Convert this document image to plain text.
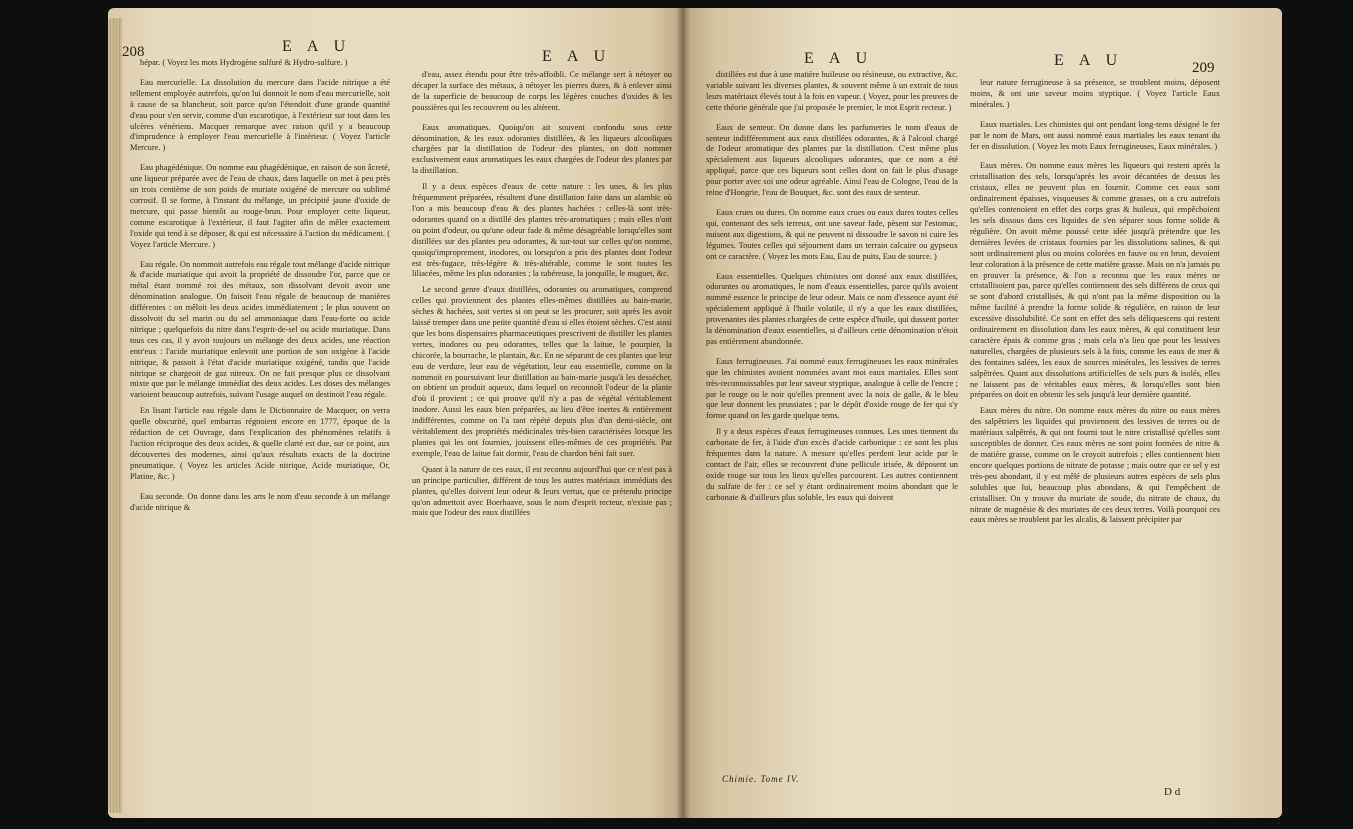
208	E A U
E A U	E A U	E A U	209

hépar. ( Voyez les mots Hydrogène sulfuré & Hydro-sulfure. )

Eau mercurielle. La dissolution du mercure dans l'acide nitrique a été tellement employée autrefois, qu'on lui donnoit le nom d'eau mercurielle, soit à cause de sa blancheur, soit parce qu'on l'étendoit d'une grande quantité d'eau pour s'en servir, comme d'un escarotique, à l'extérieur sur tout dans les ulcères vénériens. Macquer remarque avec raison qu'il y a beaucoup d'imprudence à employer l'eau mercurielle à l'intérieur. ( Voyez l'article Mercure. )

Eau phagédénique. On nomme eau phagédénique, en raison de son âcreté, une liqueur préparée avec de l'eau de chaux, dans laquelle on met à peu près un trois centième de son poids de muriate oxigéné de mercure ou sublimé corrosif. Il se forme, à l'instant du mélange, un précipité jaune d'oxide de mercure, qui passe bientôt au rouge-brun. Pour employer cette liqueur, comme escarotique à l'extérieur, il faut l'agiter afin de mêler exactement l'oxide qui tend à se déposer, & qui est nécessaire à l'action du médicament. ( Voyez l'article Mercure. )

Eau régale. On nommoit autrefois eau régale tout mélange d'acide nitrique & d'acide muriatique qui avoit la propriété de dissoudre l'or, parce que ce métal étant nommé roi des métaux, son dissolvant devoit avoir une dénomination analogue. On faisoit l'eau régale de beaucoup de manières différentes : on mêloit les deux acides immédiatement ; le plus souvent on dissolvoit du sel marin ou du sel ammoniaque dans l'eau-forte ou acide nitrique ; quelquefois du nitre dans l'esprit-de-sel ou acide muriatique. Dans tous ces cas, il y avoit toujours un mélange des deux acides, une réaction entr'eux : l'acide muriatique enlevoit une portion de son oxigène à l'acide nitrique, & passoit à l'état d'acide muriatique oxigéné, tandis que l'acide nitrique se chargeoit de gaz nitreux. On ne fait presque plus ce dissolvant mixte que par le mélange immédiat des deux acides. Les doses des mélanges varioient beaucoup autrefois, suivant l'usage auquel on destinoit l'eau régale.

En lisant l'article eau régale dans le Dictionnaire de Macquer, on verra quelle obscurité, quel embarras régnoient encore en 1777, époque de la rédaction de cet Ouvrage, dans l'explication des phénomènes relatifs à l'action réciproque des deux acides, & quelle clarté est due, sur ce point, aux découvertes des modernes, ainsi qu'aux résultats exacts de la doctrine pneumatique. ( Voyez les articles Acide nitrique, Acide muriatique, Or, Platine, &c. )

Eau seconde. On donne dans les arts le nom d'eau seconde à un mélange d'acide nitrique &

d'eau, assez étendu pour être très-affoibli. Ce mélange sert à nétoyer ou décaper la surface des métaux, à nétoyer les pierres dures, & à enlever ainsi de la superficie de beaucoup de corps les légères couches d'oxides & les poussières qui les recouvrent ou les altèrent.

Eaux aromatiques. Quoiqu'on ait souvent confondu sous cette dénomination, & les eaux odorantes distillées, & les liqueurs alcooliques chargées par la distillation de l'odeur des plantes, on doit nommer exclusivement eaux aromatiques les eaux chargées de l'odeur des plantes par la distillation.

Il y a deux espèces d'eaux de cette nature : les unes, & les plus fréquemment préparées, résultent d'une distillation faite dans un alambic où l'on a mis beaucoup d'eau & des plantes hachées : celles-là sont très-odorantes quand on a distillé des plantes très-aromatiques ; mais elles n'ont ou point d'odeur, ou qu'une odeur fade & même désagréable lorsqu'elles sont distillées sur des plantes peu odorantes, & sur-tout sur celles qu'on nomme, quoiqu'improprement, inodores, ou lorsqu'on a pris des plantes dont l'odeur est très-fugace, très-légère & très-altérable, comme le sont toutes les liliacées, même les plus odorantes ; la tubéreuse, la jonquille, le muguet, &c.

Le second genre d'eaux distillées, odorantes ou aromatiques, comprend celles qui proviennent des plantes elles-mêmes distillées au bain-marie, sèches & hachées, soit vertes si on peut se les procurer, soit après les avoir laissé tremper dans une petite quantité d'eau si elles étoient sèches. C'est ainsi que les bons dispensaires pharmaceutiques prescrivent de distiller les plantes vertes, inodores ou peu odorantes, telles que la laitue, le pourpier, la chicorée, la bourrache, le plantain, &c. En ne séparant de ces plantes que leur eau de verdure, leur eau de végétation, leur eau essentielle, comme on la nommoit en poursuivant leur distillation au bain-marie jusqu'à les dessécher, on obtient un produit aqueux, dans lequel on reconnoît l'odeur de la plante d'où il provient ; ce qui prouve qu'il n'y a pas de végétal véritablement inodore. Aussi les eaux bien préparées, au lieu d'être inertes & entièrement indifférentes, comme on l'a tant répété depuis plus d'un demi-siècle, ont véritablement des propriétés médicinales très-bien caractérisées lorsque les plantes qui les ont fournies, jouissent elles-mêmes de ces propriétés. Par exemple, l'eau de laitue fait dormir, l'eau de chardon béni fait suer.

Quant à la nature de ces eaux, il est reconnu aujourd'hui que ce n'est pas à un principe particulier, différent de tous les autres matériaux immédiats des plantes, qu'elles doivent leur odeur & leurs vertus, que ce prétendu principe qu'on admettoit avec Boerhaave, sous le nom d'esprit recteur, n'existe pas ; mais que l'odeur des eaux distillées

distillées est due à une matière huileuse ou résineuse, ou extractive, &c. variable suivant les diverses plantes, & souvent même à un extrait de tous leurs matériaux élevés tout à la fois en vapeur. ( Voyez, pour les preuves de cette théorie générale que j'ai proposée le premier, le mot Esprit recteur. )

Eaux de senteur. On donne dans les parfumeries le nom d'eaux de senteur indifféremment aux eaux distillées odorantes, & à l'alcool chargé de l'odeur aromatique des plantes par la distillation. C'est même plus spécialement aux liqueurs alcooliques odorantes, que ce nom a été appliqué, parce que ces liqueurs sont celles dont on fait le plus d'usage pour porter avec soi une odeur agréable. Ainsi l'eau de Cologne, l'eau de la reine d'Hongrie, l'eau de Bouquet, &c. sont des eaux de senteur.

Eaux crues ou dures. On nomme eaux crues ou eaux dures toutes celles qui, contenant des sels terreux, ont une saveur fade, pèsent sur l'estomac, nuisent aux digestions, & qui ne peuvent ni dissoudre le savon ni cuire les légumes. Toutes celles qui séjournent dans un terrain calcaire ou gypseux ont ce caractère. ( Voyez les mots Eau, Eau de puits, Eau de source. )

Eaux essentielles. Quelques chimistes ont donné aux eaux distillées, odorantes ou aromatiques, le nom d'eaux essentielles, parce qu'ils avoient nommé essence le principe de leur odeur. Mais ce nom d'essence ayant été spécialement appliqué à l'huile volatile, il n'y a que les eaux distillées, provenantes des plantes chargées de cette espèce d'huile, qui dussent porter la dénomination d'eaux essentielles, si d'ailleurs cette dénomination n'étoit pas entièrement abandonnée.

Eaux ferrugineuses. J'ai nommé eaux ferrugineuses les eaux minérales que les chimistes avoient nommées avant moi eaux martiales. Elles sont très-reconnoissables par leur saveur styptique, analogue à celle de l'encre ; par le rouge ou le noir qu'elles prennent avec la noix de galle, & le bleu que leur donnent les prussiates ; par le dépôt d'oxide rouge de fer qui s'y forme quand on les garde quelque tems.

Il y a deux espèces d'eaux ferrugineuses connues. Les unes tiennent du carbonate de fer, à l'aide d'un excès d'acide carbonique : ce sont les plus fréquentes dans la nature. A mesure qu'elles perdent leur acide par le contact de l'air, elles se recouvrent d'une pellicule irisée, & déposent un oxide rouge sur tous les lieux qu'elles parcourent. Les autres contiennent du sulfate de fer : ce sel y étant ordinairement moins abondant que le carbonate & d'ailleurs plus soluble, les eaux qui doivent

leur nature ferrugineuse à sa présence, se troublent moins, déposent moins, & ont une saveur moins styptique. ( Voyez l'article Eaux minérales. )

Eaux martiales. Les chimistes qui ont pendant long-tems désigné le fer par le nom de Mars, ont aussi nommé eaux martiales les eaux tenant du fer en dissolution. ( Voyez les mots Eaux ferrugineuses, Eaux minérales. )

Eaux mères. On nomme eaux mères les liqueurs qui restent après la cristallisation des sels, lorsqu'après les avoir décantées de dessus les cristaux, elles ne peuvent plus en fournir. Comme ces eaux sont ordinairement épaisses, visqueuses & comme grasses, on a cru autrefois qu'elles contenoient en effet des corps gras & huileux, qui empêchoient les sels dissous dans ces liquides de s'en séparer sous forme solide & régulière. On avoit même poussé cette idée jusqu'à prétendre que les dernières levées de cristaux fournies par les dissolutions salines, & qui sont ordinairement plus ou moins colorées en fauve ou en brun, devoient leur coloration à la présence de cette matière grasse. Mais on n'a jamais pu en prouver la présence, & l'on a reconnu que les eaux mères ne cristallisoient pas, parce qu'elles contiennent des sels différens de ceux qui se sont d'abord cristallisés, & qui n'ont pas la même disposition ou la même facilité à prendre la forme solide & régulière, en raison de leur excessive dissolubilité. Ce sont en effet des sels déliquescens qui restent ordinairement en dissolution dans les eaux mères, & qui constituent leur caractère épais & comme gras ; mais cela n'a lieu que pour les lessives naturelles, chargées de plusieurs sels à la fois, comme les eaux de mer & des fontaines salées, les eaux de sources minérales, les lessives de terres salpêtrées. Quant aux dissolutions artificielles de sels purs & isolés, elles ne laissent pas de véritables eaux mères, & lorsqu'elles sont bien préparées on doit en obtenir les sels jusqu'à leur dernière quantité.

Eaux mères du nitre. On nomme eaux mères du nitre ou eaux mères des salpêtriers les liquides qui proviennent des lessives de terres ou de matériaux salpêtrés, & qui ont fourni tout le nitre cristallisé qu'elles sont susceptibles de donner. Ces eaux mères ne sont point formées de nitre & de matière grasse, comme on le croyoit autrefois ; elles contiennent bien encore quelques portions de nitrate de potasse ; mais outre que ce sel y est très-peu abondant, il y est mêlé de plusieurs autres espèces de sels plus solubles que lui, beaucoup plus abondans, & qui l'empêchent de cristalliser. On y trouve du muriate de soude, du nitrate de chaux, du nitrate de magnésie & des muriates de ces deux terres. Voilà pourquoi ces eaux mères se troublent par les alcalis, & laissent précipiter par

Chimie. Tome IV.
D d
